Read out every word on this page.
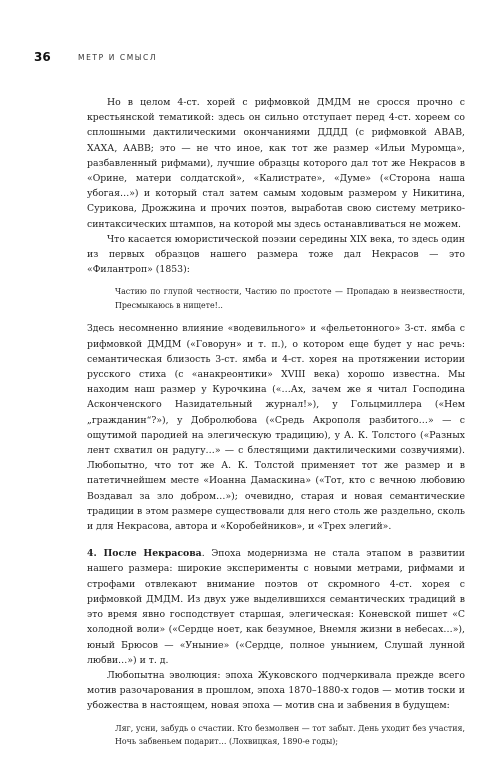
36	МЕТР И СМЫСЛ

Но в целом 4-ст. хорей с рифмовкой ДМДМ не сросся прочно с крестьянской тематикой: здесь он сильно отступает перед 4-ст. хореем со сплошными дактилическими окончаниями ДДДД (с рифмовкой АВАВ, ХАХА, ААВВ; это — не что иное, как тот же размер «Ильи Муромца», разбавленный рифмами), лучшие образцы которого дал тот же Некрасов в «Орине, матери солдатской», «Калистрате», «Думе» («Сторона наша убогая…») и который стал затем самым ходовым размером у Никитина, Сурикова, Дрожжина и прочих поэтов, выработав свою систему метрико-синтаксических штампов, на которой мы здесь останавливаться не можем.

Что касается юмористической поэзии середины XIX века, то здесь один из первых образцов нашего размера тоже дал Некрасов — это «Филантроп» (1853):

Частию по глупой честности, Частию по простоте — Пропадаю в неизвестности, Пресмыкаюсь в нищете!..

Здесь несомненно влияние «водевильного» и «фельетонного» 3-ст. ямба с рифмовкой ДМДМ («Говорун» и т. п.), о котором еще будет у нас речь: семантическая близость 3-ст. ямба и 4-ст. хорея на протяжении истории русского стиха (с «анакреонтики» XVIII века) хорошо известна. Мы находим наш размер у Курочкина («…Ах, зачем же я читал Господина Асконченского Назидательный журнал!»), у Гольцмиллера («Нем „гражданин“?»), у Добролюбова («Средь Акрополя разбитого…» — с ощутимой пародией на элегическую традицию), у А. К. Толстого («Разных лент схватил он радугу…» — с блестящими дактилическими созвучиями). Любопытно, что тот же А. К. Толстой применяет тот же размер и в патетичнейшем месте «Иоанна Дамаскина» («Тот, кто с вечною любовию Воздавал за зло добром…»); очевидно, старая и новая семантические традиции в этом размере существовали для него столь же раздельно, сколь и для Некрасова, автора и «Коробейников», и «Трех элегий».

4. После Некрасова. Эпоха модернизма не стала этапом в развитии нашего размера: широкие эксперименты с новыми метрами, рифмами и строфами отвлекают внимание поэтов от скромного 4-ст. хорея с рифмовкой ДМДМ. Из двух уже выделившихся семантических традиций в это время явно господствует старшая, элегическая: Коневской пишет «С холодной воли» («Сердце ноет, как безумное, Внемля жизни в небесах…»), юный Брюсов — «Уныние» («Сердце, полное унынием, Слушай лунной любви…») и т. д.

Любопытна эволюция: эпоха Жуковского подчеркивала прежде всего мотив разочарования в прошлом, эпоха 1870–1880-х годов — мотив тоски и убожества в настоящем, новая эпоха — мотив сна и забвения в будущем:

Ляг, усни, забудь о счастии. Кто безмолвен — тот забыт. День уходит без участия, Ночь забвеньем подарит… (Лохвицкая, 1890-е годы);
